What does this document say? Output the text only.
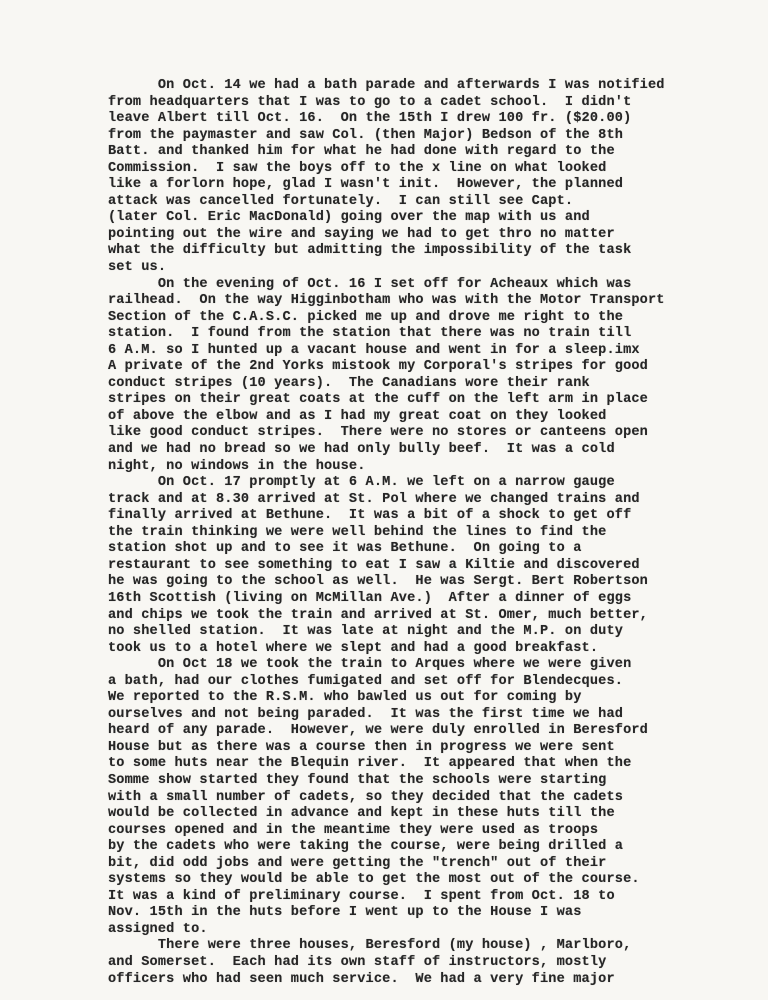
On Oct. 14 we had a bath parade and afterwards I was notified
from headquarters that I was to go to a cadet school.  I didn't
leave Albert till Oct. 16.  On the 15th I drew 100 fr. ($20.00)
from the paymaster and saw Col. (then Major) Bedson of the 8th
Batt. and thanked him for what he had done with regard to the
Commission.  I saw the boys off to the x line on what looked
like a forlorn hope, glad I wasn't init.  However, the planned
attack was cancelled fortunately.  I can still see Capt.
(later Col. Eric MacDonald) going over the map with us and
pointing out the wire and saying we had to get thro no matter
what the difficulty but admitting the impossibility of the task
set us.
On the evening of Oct. 16 I set off for Acheaux which was
railhead.  On the way Higginbotham who was with the Motor Transport
Section of the C.A.S.C. picked me up and drove me right to the
station.  I found from the station that there was no train till
6 A.M. so I hunted up a vacant house and went in for a sleep.imx
A private of the 2nd Yorks mistook my Corporal's stripes for good
conduct stripes (10 years).  The Canadians wore their rank
stripes on their great coats at the cuff on the left arm in place
of above the elbow and as I had my great coat on they looked
like good conduct stripes.  There were no stores or canteens open
and we had no bread so we had only bully beef.  It was a cold
night, no windows in the house.
On Oct. 17 promptly at 6 A.M. we left on a narrow gauge
track and at 8.30 arrived at St. Pol where we changed trains and
finally arrived at Bethune.  It was a bit of a shock to get off
the train thinking we were well behind the lines to find the
station shot up and to see it was Bethune.  On going to a
restaurant to see something to eat I saw a Kiltie and discovered
he was going to the school as well.  He was Sergt. Bert Robertson
16th Scottish (living on McMillan Ave.)  After a dinner of eggs
and chips we took the train and arrived at St. Omer, much better,
no shelled station.  It was late at night and the M.P. on duty
took us to a hotel where we slept and had a good breakfast.
On Oct 18 we took the train to Arques where we were given
a bath, had our clothes fumigated and set off for Blendecques.
We reported to the R.S.M. who bawled us out for coming by
ourselves and not being paraded.  It was the first time we had
heard of any parade.  However, we were duly enrolled in Beresford
House but as there was a course then in progress we were sent
to some huts near the Blequin river.  It appeared that when the
Somme show started they found that the schools were starting
with a small number of cadets, so they decided that the cadets
would be collected in advance and kept in these huts till the
courses opened and in the meantime they were used as troops
by the cadets who were taking the course, were being drilled a
bit, did odd jobs and were getting the "trench" out of their
systems so they would be able to get the most out of the course.
It was a kind of preliminary course.  I spent from Oct. 18 to
Nov. 15th in the huts before I went up to the House I was
assigned to.
There were three houses, Beresford (my house) , Marlboro,
and Somerset.  Each had its own staff of instructors, mostly
officers who had seen much service.  We had a very fine major
